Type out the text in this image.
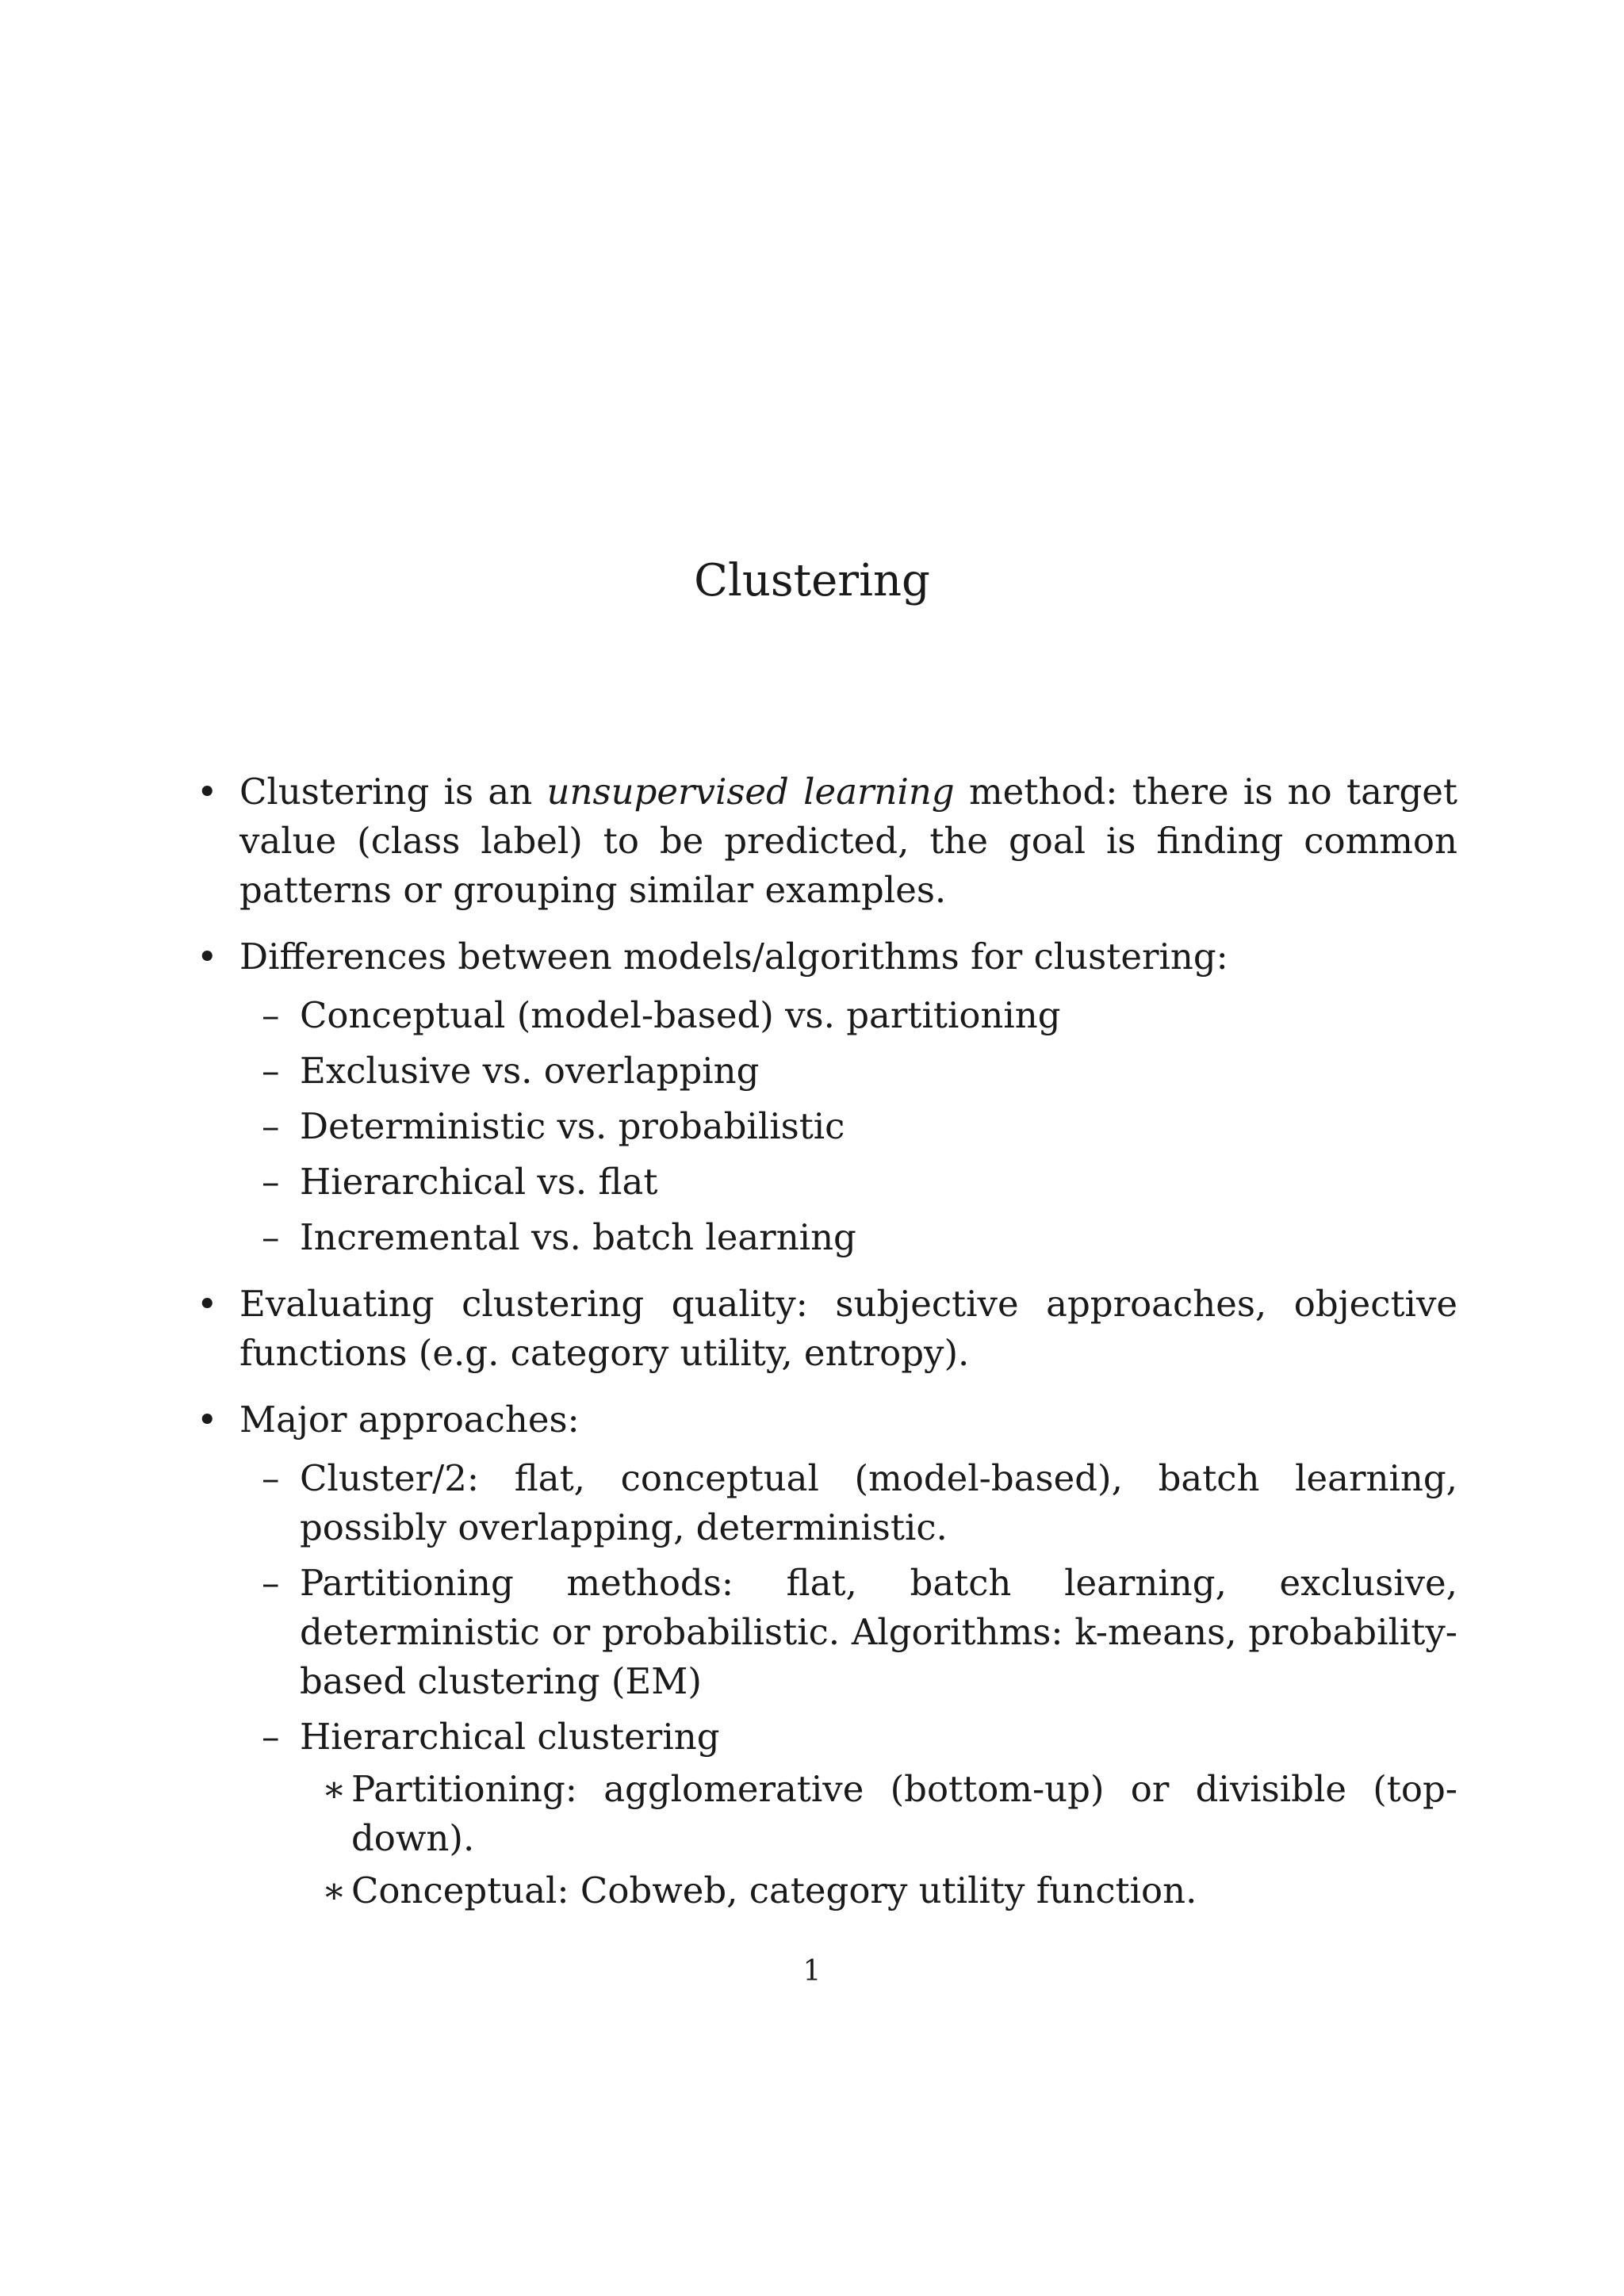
Clustering
• Clustering is an unsupervised learning method: there is no target value (class label) to be predicted, the goal is finding common patterns or grouping similar examples.
• Differences between models/algorithms for clustering:
– Conceptual (model-based) vs. partitioning
– Exclusive vs. overlapping
– Deterministic vs. probabilistic
– Hierarchical vs. flat
– Incremental vs. batch learning
• Evaluating clustering quality: subjective approaches, objective functions (e.g. category utility, entropy).
• Major approaches:
– Cluster/2: flat, conceptual (model-based), batch learning, possibly overlapping, deterministic.
– Partitioning methods: flat, batch learning, exclusive, deterministic or probabilistic. Algorithms: k-means, probability-based clustering (EM)
– Hierarchical clustering
∗ Partitioning: agglomerative (bottom-up) or divisible (top-down).
∗ Conceptual: Cobweb, category utility function.
1
